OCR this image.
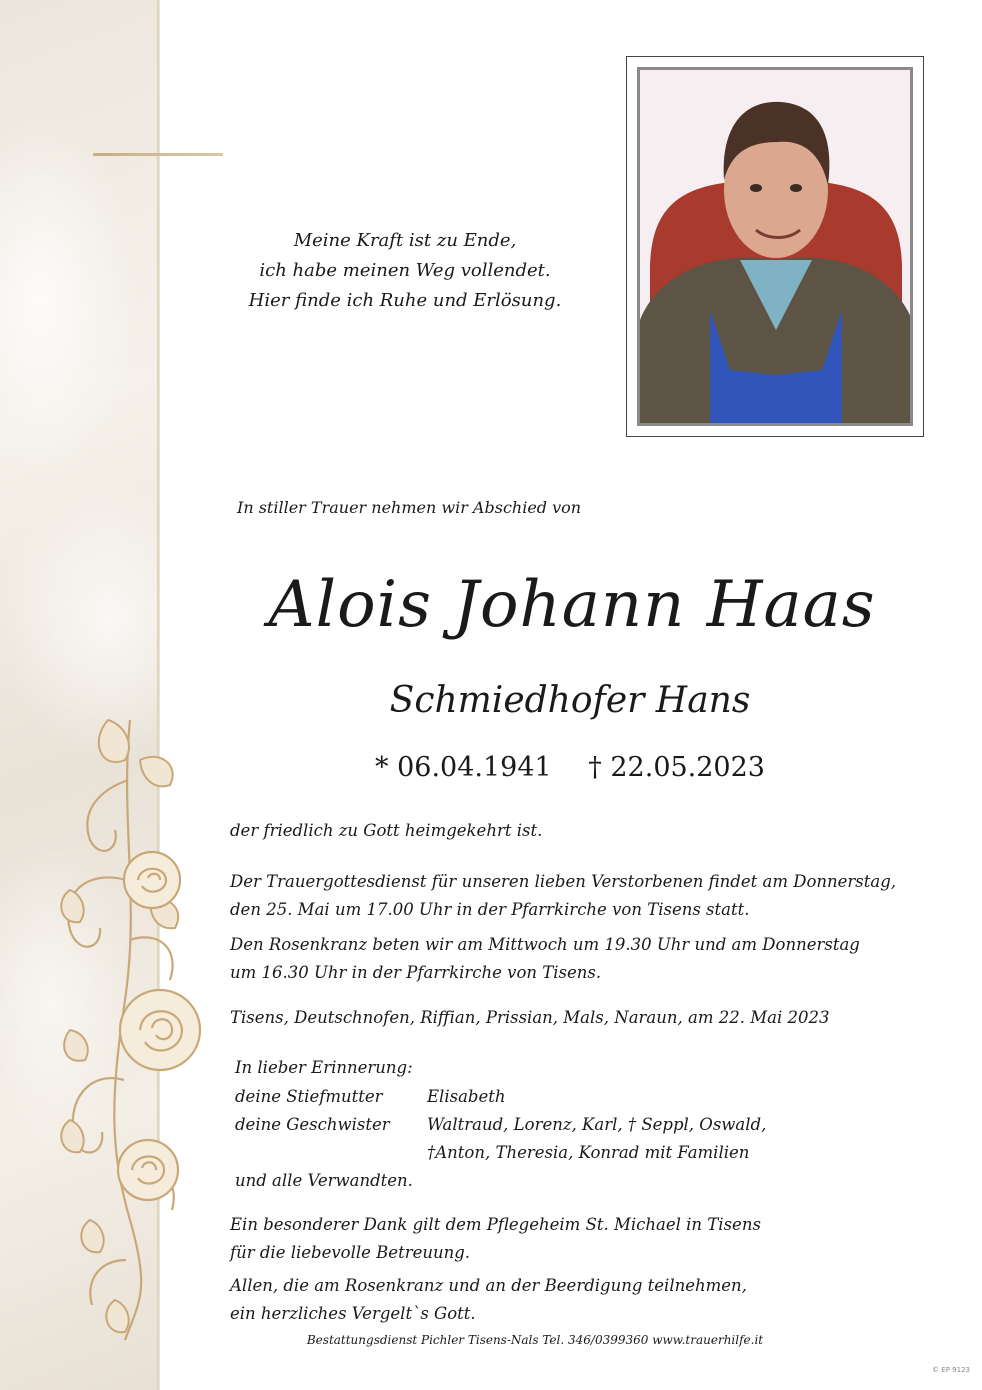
Meine Kraft ist zu Ende,
ich habe meinen Weg vollendet.
Hier finde ich Ruhe und Erlösung.
In stiller Trauer nehmen wir Abschied von
Alois Johann Haas
Schmiedhofer Hans
* 06.04.1941 † 22.05.2023
der friedlich zu Gott heimgekehrt ist.
Der Trauergottesdienst für unseren lieben Verstorbenen findet am Donnerstag,
den 25. Mai um 17.00 Uhr in der Pfarrkirche von Tisens statt.
Den Rosenkranz beten wir am Mittwoch um 19.30 Uhr und am Donnerstag
um 16.30 Uhr in der Pfarrkirche von Tisens.
Tisens, Deutschnofen, Riffian, Prissian, Mals, Naraun, am 22. Mai 2023
In lieber Erinnerung:
deine Stiefmutter	Elisabeth
deine Geschwister	Waltraud, Lorenz, Karl, † Seppl, Oswald,
†Anton, Theresia, Konrad mit Familien
und alle Verwandten.
Ein besonderer Dank gilt dem Pflegeheim St. Michael in Tisens
für die liebevolle Betreuung.
Allen, die am Rosenkranz und an der Beerdigung teilnehmen,
ein herzliches Vergelt`s Gott.
Bestattungsdienst Pichler Tisens-Nals Tel. 346/0399360 www.trauerhilfe.it
© EP 9123
